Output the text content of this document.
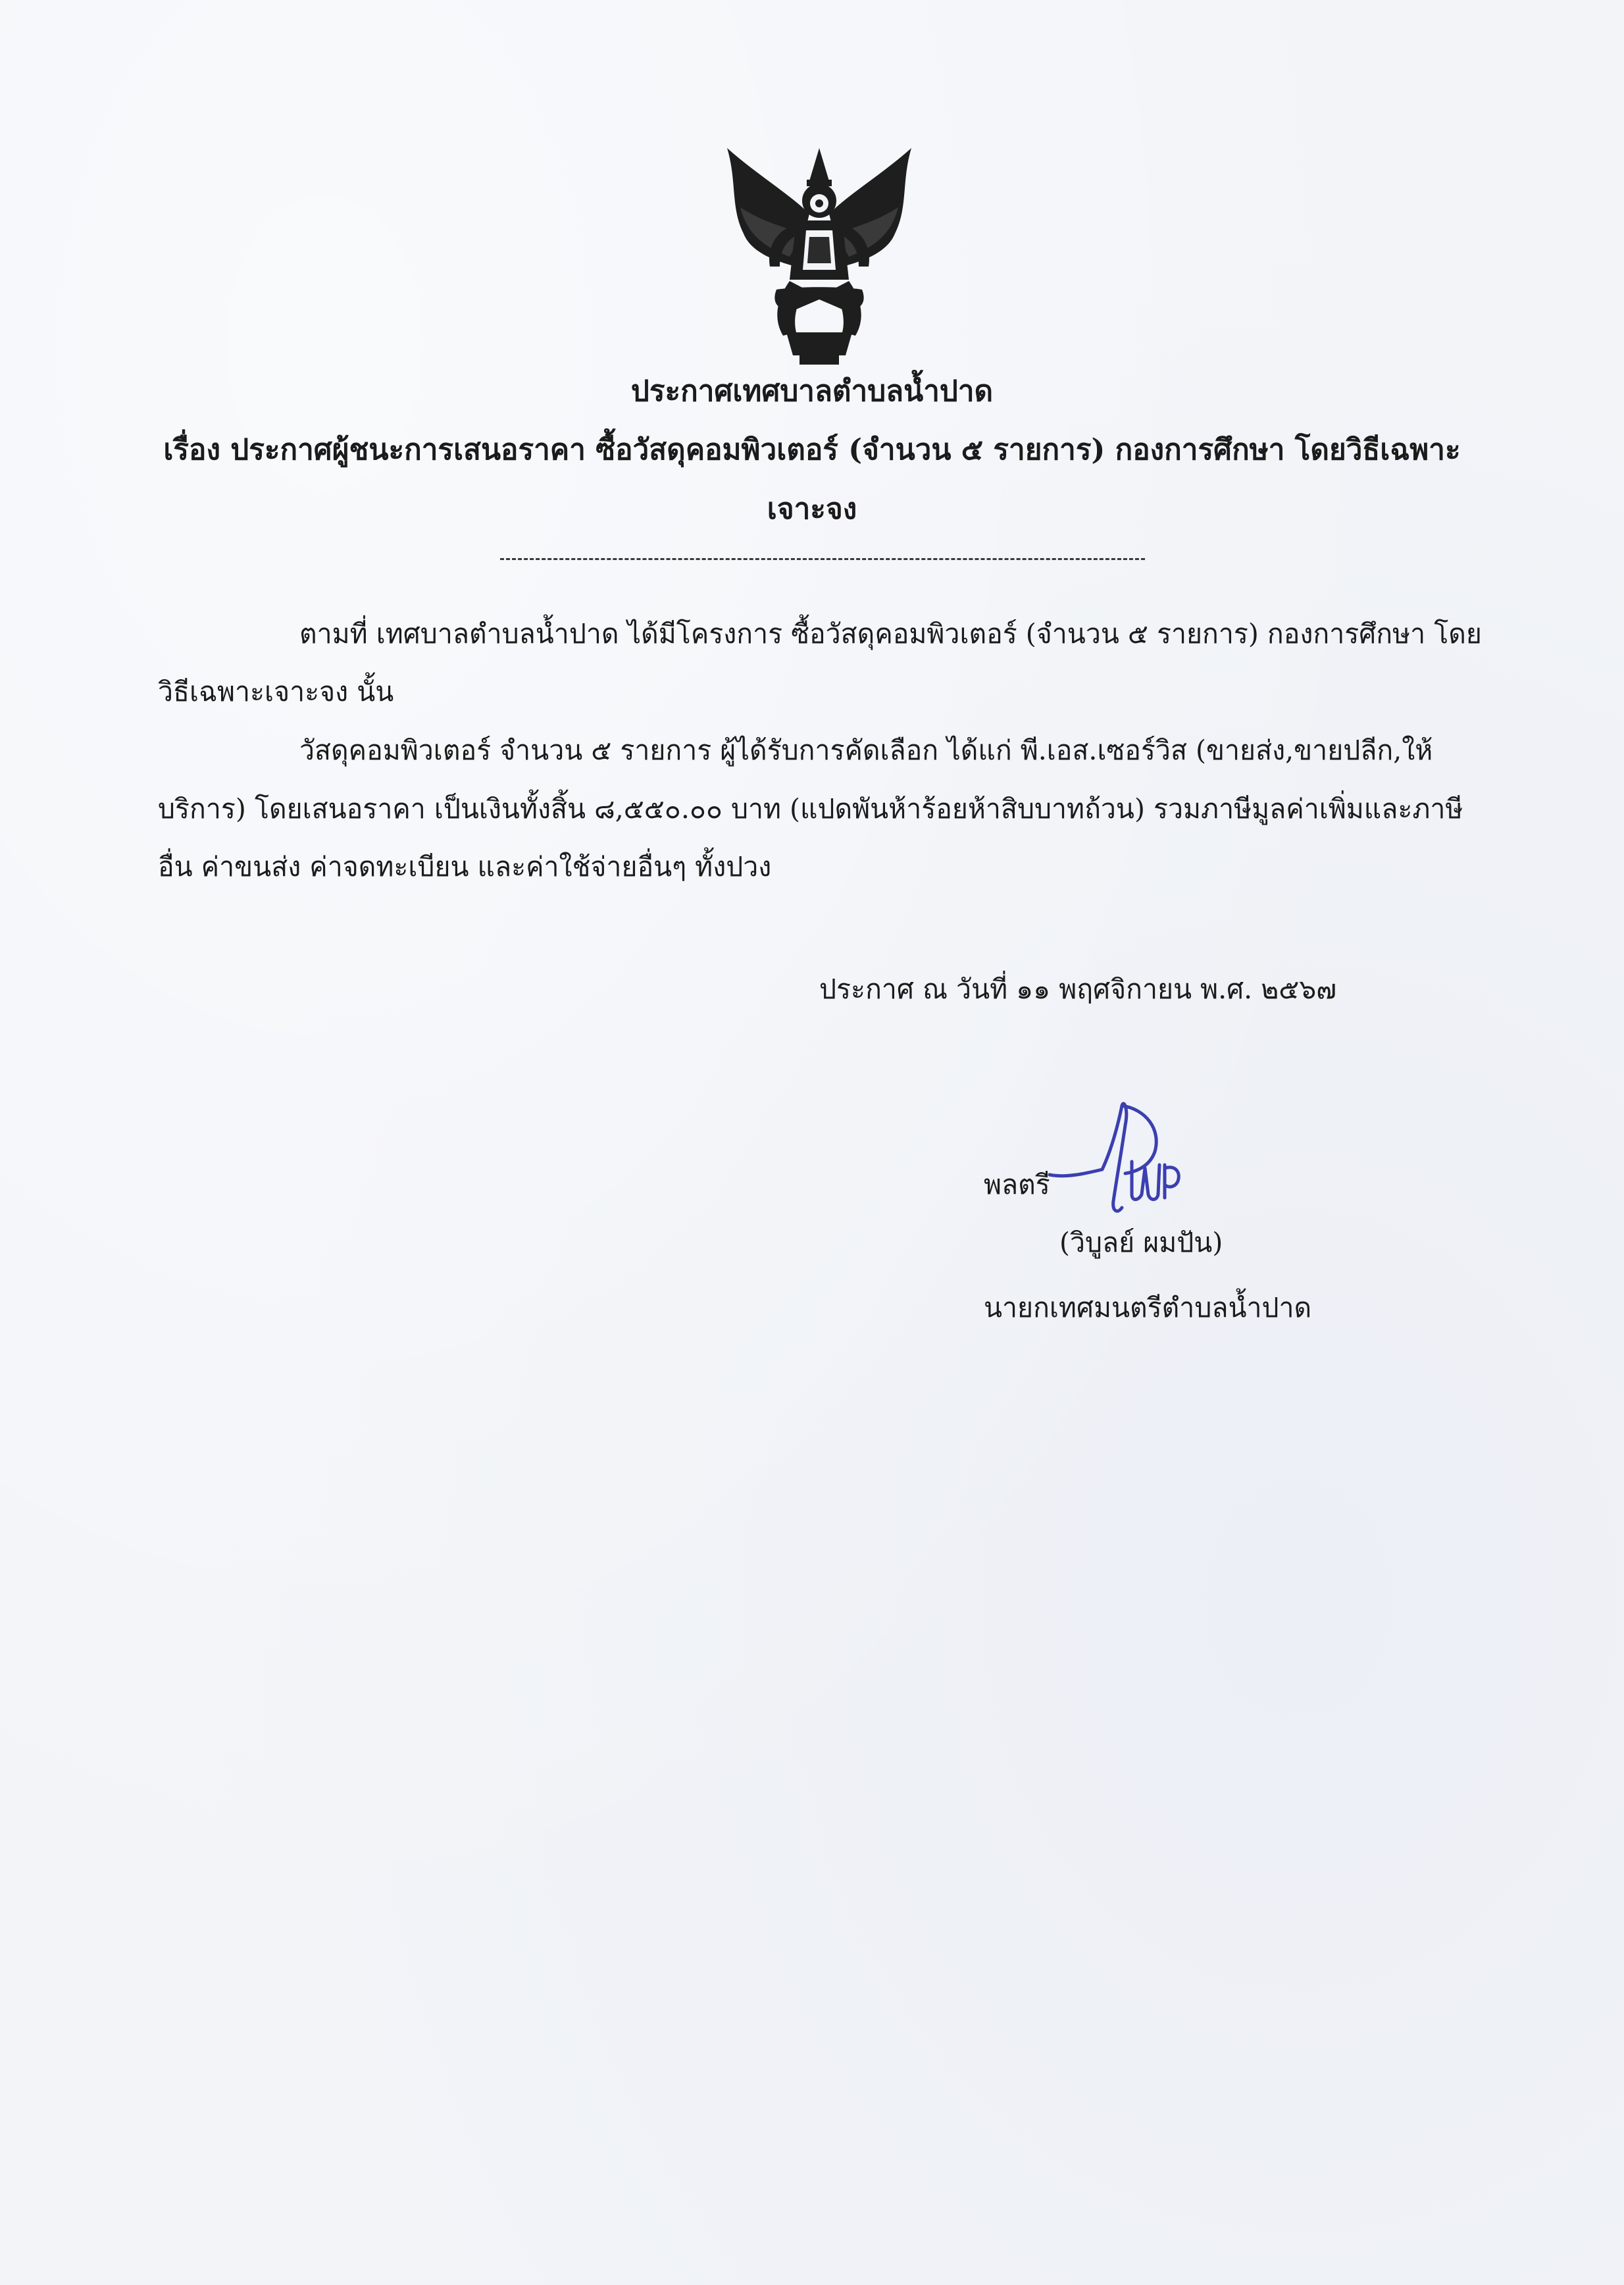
ประกาศเทศบาลตำบลน้ำปาด
เรื่อง ประกาศผู้ชนะการเสนอราคา ซื้อวัสดุคอมพิวเตอร์ (จำนวน ๕ รายการ) กองการศึกษา โดยวิธีเฉพาะ
เจาะจง
ตามที่ เทศบาลตำบลน้ำปาด ได้มีโครงการ ซื้อวัสดุคอมพิวเตอร์ (จำนวน ๕ รายการ) กองการศึกษา โดย
วิธีเฉพาะเจาะจง นั้น
วัสดุคอมพิวเตอร์ จำนวน ๕ รายการ ผู้ได้รับการคัดเลือก ได้แก่ พี.เอส.เซอร์วิส (ขายส่ง,ขายปลีก,ให้
บริการ) โดยเสนอราคา เป็นเงินทั้งสิ้น ๘,๕๕๐.๐๐ บาท (แปดพันห้าร้อยห้าสิบบาทถ้วน) รวมภาษีมูลค่าเพิ่มและภาษี
อื่น ค่าขนส่ง ค่าจดทะเบียน และค่าใช้จ่ายอื่นๆ ทั้งปวง
ประกาศ ณ วันที่ ๑๑ พฤศจิกายน พ.ศ. ๒๕๖๗
พลตรี
(วิบูลย์ ผมปัน)
นายกเทศมนตรีตำบลน้ำปาด
